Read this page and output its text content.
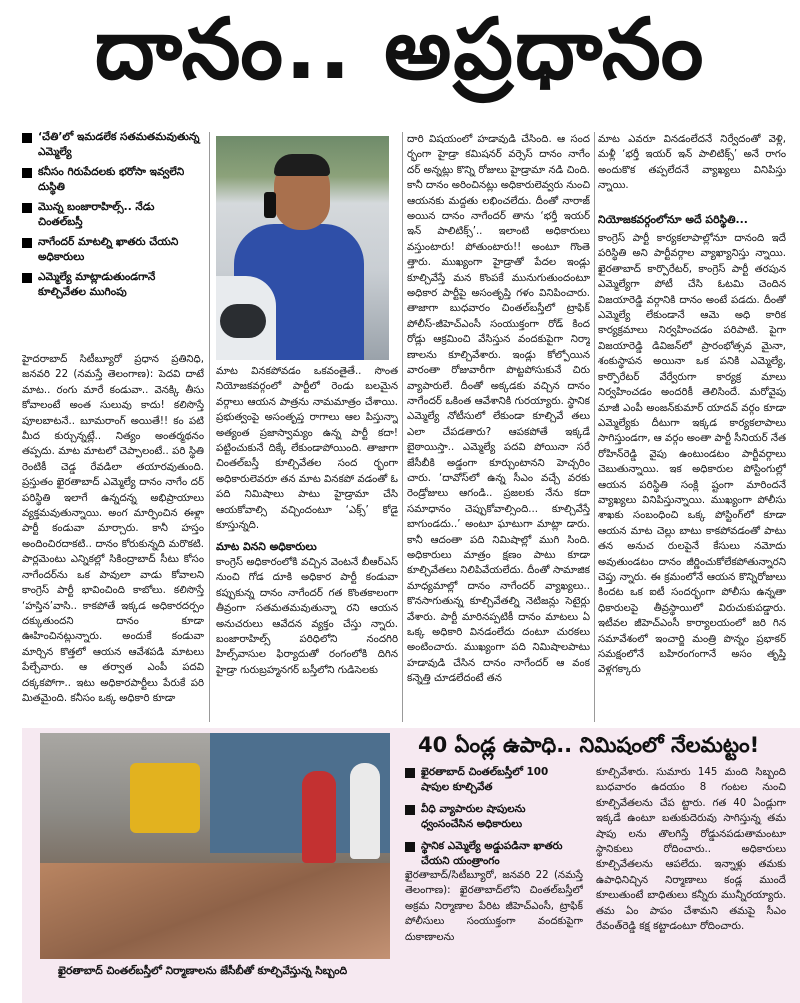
దానం.. అప్రధానం
‘చేతి’లో ఇమడలేక సతమతమవుతున్న ఎమ్మెల్యే
కనీసం గిరుపేదలకు భరోసా ఇవ్వలేని దుస్థితి
మొన్న బంజారాహిల్స్.. నేడు చింతల్‌బస్తీ
నాగేందర్ మాటల్ని ఖాతరు చేయని అధికారులు
ఎమ్మెల్యే మాట్లాడుతుండగానే కూల్చివేతల ముగింపు

హైదరాబాద్ సిటీబ్యూరో ప్రధాన ప్రతినిధి, జనవరి 22 (నమస్తే తెలంగాణ): పెదవి దాటే మాట.. రంగు మారే కండువా.. వెనక్కి తీసు కోవాలంటే అంత సులువు కాదు! కలిసొస్తే పూలబాటనే.. బూమరాంగ్ అయితే!! కం పటి మీద కుర్చున్నట్లే.. నిత్యం అంతర్మథనం తప్పదు. మాట మాటలో చెప్పాలంటే.. పరి స్థితి రెంటికీ చెడ్డ రేవడిలా తయారవుతుంది. ప్రస్తుతం ఖైరతాబాద్ ఎమ్మెల్యే దానం నాగేం దర్ పరిస్థితి ఇలాగే ఉన్నదన్న అభిప్రాయాలు వ్యక్తమవుతున్నాయి. అంగ మార్పించిన ఈళ్లా పార్టీ కండువా మార్చారు. కానీ హస్తం అందించిరదాకటి.. దానం కోరుకున్నది మరొకటి. పార్లమెంటు ఎన్నికల్లో సికింద్రాబాద్ సీటు కోసం నాగేందర్‌ను ఒక పావులా వాడు కోవాలని కాంగ్రెస్ పార్టీ భావించింది కాబోలు. కలిసొస్తే ‘హస్తిన’వాసి.. కాకపోతే ఇక్కడ అధికారదర్పం దక్కుతుందని దానం కూడా ఊహించినట్లున్నారు. అందుకే కండువా మార్చిన కొత్తలో ఆయన ఆవేశపడి మాటలు పేల్చేవారు. ఆ తర్వాత ఎంపీ పదవి దక్కకపోగా.. ఇటు అధికారపార్టీలు పేరుకే పరి మితమైంది. కనీసం ఒక్క అధికారి కూడా

మాట వినకపోవడం ఒకవంతైతే.. సొంత నియోజకవర్గంలో పార్టీలో రెండు బలమైన వర్గాలు ఆయన పాత్రను నామమాత్రం చేశాయి. ప్రభుత్వంపై అసంతృప్త రాగాలు ఆల పిస్తున్నా అత్యంత ప్రజాస్వామ్యం ఉన్న పార్టీ కదా! పట్టించుకునే దిక్కే లేకుండాపోయింది. తాజాగా చింతల్‌బస్తీ కూల్చివేతల సంద ర్భంగా అధికారులెవరూ తన మాట వినకపో వడంతో ఓ పది నిమిషాలు పాటు హైడ్రామా చేసి ఆయకోవాల్సి వచ్చిందంటూ ‘ఎక్స్’ కోడై కూస్తున్నది.

మాట వినని అధికారులు

కాంగ్రెస్ అధికారంలోకి వచ్చిన వెంటనే బీఆర్ఎస్ నుంచి గోడ దూకి అధికార పార్టీ కండువా కప్పుకున్న దానం నాగేందర్ గత కొంతకాలంగా తీవ్రంగా సతమతమవుతున్నా రని ఆయన అనుచరులు ఆవేదన వ్యక్తం చేస్తు న్నారు. బంజారాహిల్స్ పరిధిలోని నందగిరి హిల్స్‌వాసుల ఫిర్యాదుతో రంగంలోకి దిగిన హైడ్రా గురుబ్రహ్మనగర్ బస్తీలోని గుడిసెలకు

దారి విషయంలో హడావుడి చేసింది. ఆ సంద ర్భంగా హైడ్రా కమిషనర్ వర్సెస్ దానం నాగేం దర్ అన్నట్లు కొన్ని రోజులు హైడ్రామా నడి చింది. కానీ దానం అరించినట్లు అధికారులెవ్వరు నుంచి ఆయనకు మద్దతు లభించలేదు. దీంతో నారాజ్ అయిన దానం నాగేందర్ తాను ‘భర్తీ ఇయర్ ఇన్ పాలిటిక్స్’.. ఇలాంటి అధికారులు వస్తుంటారు! పోతుంటారు!! అంటూ గొంతె త్తారు. ముఖ్యంగా హైడ్రాతో పేదల ఇండ్లు కూల్చివేస్తే మన కొంపకే మునుగుతుందంటూ అధికార పార్టీపై అసంతృప్తి గళం వినిపించారు. తాజాగా బుధవారం చింతల్‌బస్తీలో ట్రాఫిక్ పోలీస్-జీహెచ్ఎంసీ సంయుక్తంగా రోడ్ కింద రోడ్లు ఆక్రమించి వేసిస్తున వందకుపైగా నిర్మా ణాలను కూల్చివేశారు. ఇండ్లు కోల్పోయిన వారంతా రోజువారీగా పొట్టపోసుకునే చిరు వ్యాపారులే. దీంతో అక్కడకు వచ్చిన దానం నాగేందర్ ఒకింత ఆవేశానికి గురయ్యారు. స్థానిక ఎమ్మెల్యే నోటీసులో లేకుండా కూల్చివే తలు ఎలా చేపడతారు? ఆపకపోతే ఇక్కడే బైఠాయిస్తా.. ఎమ్మెల్యే పదవి పోయినా సరే జేసీబీకి అడ్డంగా కూర్చుంటానని హెచ్చరిం చారు. ‘దావోస్‌లో ఉన్న సీఎం వచ్చే వరకు రెండ్రోజులు ఆగండి.. ప్రజలకు నేను కదా సమాధానం చెప్పుకోవాల్సింది... కూల్చివేస్తే బాగుండదు..’ అంటూ ఘాటుగా మాట్లా డారు. కానీ ఆదంతా పది నిమిషాల్లో ముగి సింది. అధికారులు మాత్రం క్షణం పాటు కూడా కూల్చివేతలు నిలిపివేయలేదు. దీంతో సామాజిక మాధ్యమాల్లో దానం నాగేందర్ వ్యాఖ్యలు.. కొనసాగుతున్న కూల్చివేతల్ని నెటిజన్లు సెటైర్లు వేశారు. పార్టీ మారినప్పటికీ దానం మాటలు ఏ ఒక్క అధికారి వినడంలేదు దంటూ చురకలు అంటించారు. ముఖ్యంగా పది నిమిషాలపాటు హడావుడి చేసిన దానం నాగేందర్ ఆ వంక కన్నెత్తి చూడలేదంటే తన

మాట ఎవరూ వినడంలేదనే నిర్వేదంతో వెళ్లి, మళ్లీ ‘భర్తీ ఇయర్ ఇన్ పాలిటిక్స్’ అనే రాగం అందుకొక తప్పలేదనే వ్యాఖ్యలు వినిపిస్తు న్నాయి.

నియోజకవర్గంలోనూ అదే పరిస్థితి...

కాంగ్రెస్ పార్టీ కార్యకలాపాల్లోనూ దానంది ఇదే పరిస్థితి అని పార్టీవర్గాల వ్యాఖ్యానిస్తు న్నాయి. ఖైరతాబాద్ కార్పొరేటర్, కాంగ్రెస్ పార్టీ తరపున ఎమ్మెల్యేగా పోటీ చేసి ఓటమి చెందిన విజయారెడ్డి వర్గానికి దానం అంటే పడదు. దీంతో ఎమ్మెల్యే లేకుండానే ఆమె అధి కారిక కార్యక్రమాలు నిర్వహించడం పరిపాటి. పైగా విజయారెడ్డి డివిజన్‌లో ప్రారంభోత్సవ మైనా, శంకుస్థాపన అయినా ఒక పనికి ఎమ్మెల్యే, కార్పొరేటర్ వేర్వేరుగా కార్యక్ర మాలు నిర్వహించడం అందరికీ తెలిసిందే. మరోవైపు మాజీ ఎంపీ అంజన్‌కుమార్ యాదవ్ వర్గం కూడా ఎమ్మెల్యేకు దీటుగా ఇక్కడ కార్యకలాపాలు సాగిస్తుండగా, ఆ వర్గం అంతా పార్టీ సీనియర్ నేత రోహిన్‌రెడ్డి వైపు ఉంటుండటం పార్టీవర్గాలు చెబుతున్నాయి. ఇక అధికారుల పోస్టింగుల్లో ఆయన పరిస్థితి సంక్లి ష్టంగా మారిందనే వ్యాఖ్యలు వినిపిస్తున్నాయి. ముఖ్యంగా పోలీసు శాఖకు సంబంధించి ఒక్క పోస్టింగ్‌లో కూడా ఆయన మాట చెల్లు బాటు కాకపోవడంతో పాటు తన అనుచ రులపైనే కేసులు నమోదు అవుతుండటం దానం జీర్ణించుకోలేకపోతున్నారని చెప్తు న్నారు. ఈ క్రమంలోనే ఆయన కొన్నిరోజులు కిందట ఒక ఐటీ సందర్భంగా పోలీసు ఉన్నతా ధికారులపై తీవ్రస్థాయిలో విరుచుకుపడ్డారు. ఇటీవల జీహెచ్ఎంసీ కార్యాలయంలో జరి గిన సమావేశంలో ఇంచార్జి మంత్రి పొన్నం ప్రభాకర్ సమక్షంలోనే బహిరంగంగానే అసం తృప్తి వెళ్లగక్కారు

ఖైరతాబాద్ చింతల్‌బస్తీలో నిర్మాణాలను జేసీబీతో కూల్చివేస్తున్న సిబ్బంది
40 ఏండ్ల ఉపాధి.. నిమిషంలో నేలమట్టం!
ఖైరతాబాద్ చింతల్‌బస్తీలో 100 షాపుల కూల్చివేత
వీధి వ్యాపారుల షాపులను ధ్వంసంచేసిన అధికారులు
స్థానిక ఎమ్మెల్యే అడ్డుపడినా ఖాతరు చేయని యంత్రాంగం

ఖైరతాబాద్/సిటీబ్యూరో, జనవరి 22 (నమస్తే తెలంగాణ): ఖైరతాబాద్‌లోని చింతల్‌బస్తీలో అక్రమ నిర్మాణాల పేరిట జీహెచ్ఎంసీ, ట్రాఫిక్ పోలీసులు సంయుక్తంగా వందకుపైగా దుకాణాలను

కూల్చివేశారు. సుమారు 145 మంది సిబ్బంది బుధవారం ఉదయం 8 గంటల నుంచి కూల్చివేతలను చేప ట్టారు. గత 40 ఏండ్లుగా ఇక్కడే ఉంటూ బతుకుదెరువు సాగిస్తున్న తమ షాపు లను తొలగిస్తే రోడ్డునపడుతామంటూ స్థానికులు రోదించారు.. అధికారులు కూల్చివేతలను ఆపలేదు. ఇన్నాళ్లు తమకు ఉపాధినిచ్చిన నిర్మాణాలు కండ్ల ముందే కూలుతుంటే బాధితులు కన్నీరు మున్నీరయ్యారు. తమ ఏం పాపం చేశామని తమపై సీఎం రేవంత్‌రెడ్డి కక్ష కట్టాడంటూ రోదించారు.
